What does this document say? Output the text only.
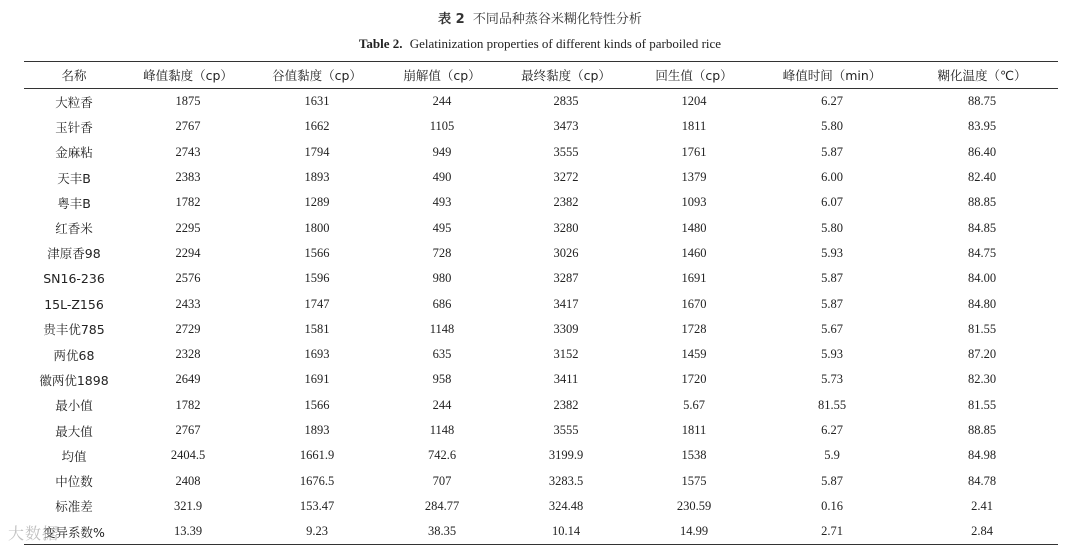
表 2 不同品种蒸谷米糊化特性分析
Table 2. Gelatinization properties of different kinds of parboiled rice
名称	峰值黏度（cp）	谷值黏度（cp）	崩解值（cp）	最终黏度（cp）	回生值（cp）	峰值时间（min）	糊化温度（℃）
大粒香	1875	1631	244	2835	1204	6.27	88.75
玉针香	2767	1662	1105	3473	1811	5.80	83.95
金麻粘	2743	1794	949	3555	1761	5.87	86.40
天丰B	2383	1893	490	3272	1379	6.00	82.40
粤丰B	1782	1289	493	2382	1093	6.07	88.85
红香米	2295	1800	495	3280	1480	5.80	84.85
津原香98	2294	1566	728	3026	1460	5.93	84.75
SN16-236	2576	1596	980	3287	1691	5.87	84.00
15L-Z156	2433	1747	686	3417	1670	5.87	84.80
贵丰优785	2729	1581	1148	3309	1728	5.67	81.55
两优68	2328	1693	635	3152	1459	5.93	87.20
徽两优1898	2649	1691	958	3411	1720	5.73	82.30
最小值	1782	1566	244	2382	5.67	81.55	81.55
最大值	2767	1893	1148	3555	1811	6.27	88.85
均值	2404.5	1661.9	742.6	3199.9	1538	5.9	84.98
中位数	2408	1676.5	707	3283.5	1575	5.87	84.78
标准差	321.9	153.47	284.77	324.48	230.59	0.16	2.41
变异系数%	13.39	9.23	38.35	10.14	14.99	2.71	2.84
大数据
